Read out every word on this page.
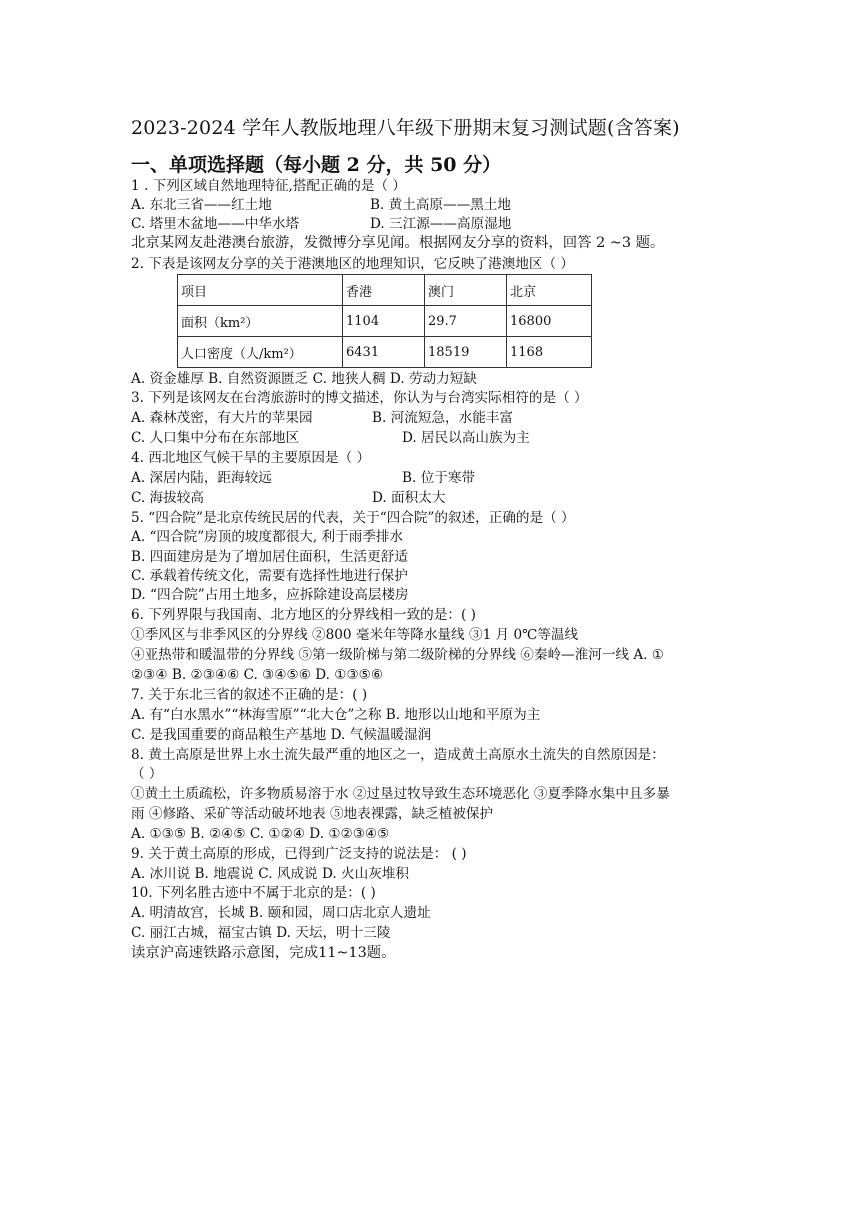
2023-2024 学年人教版地理八年级下册期末复习测试题(含答案)
一、单项选择题（每小题 2 分，共 50 分）
1 . 下列区域自然地理特征,搭配正确的是（ ）
A. 东北三省——红土地	B. 黄土高原——黑土地
C. 塔里木盆地——中华水塔	D. 三江源——高原湿地
北京某网友赴港澳台旅游，发微博分享见闻。根据网友分享的资料，回答 2 ~3 题。
2. 下表是该网友分享的关于港澳地区的地理知识，它反映了港澳地区（ ）
项目	香港	澳门	北京
面积（km²）	1104	29.7	16800
人口密度（人/km²）	6431	18519	1168
A. 资金雄厚 B. 自然资源匮乏 C. 地狭人稠 D. 劳动力短缺
3. 下列是该网友在台湾旅游时的博文描述，你认为与台湾实际相符的是（ ）
A. 森林茂密，有大片的苹果园	B. 河流短急，水能丰富
C. 人口集中分布在东部地区	D. 居民以高山族为主
4. 西北地区气候干旱的主要原因是（ ）
A. 深居内陆，距海较远	B. 位于寒带
C. 海拔较高	D. 面积太大
5. “四合院”是北京传统民居的代表，关于“四合院”的叙述，正确的是（ ）
A. “四合院”房顶的坡度都很大, 利于雨季排水
B. 四面建房是为了增加居住面积，生活更舒适
C. 承载着传统文化，需要有选择性地进行保护
D. “四合院”占用土地多，应拆除建设高层楼房
6. 下列界限与我国南、北方地区的分界线相一致的是：( )
①季风区与非季风区的分界线 ②800 毫米年等降水量线 ③1 月 0℃等温线
④亚热带和暖温带的分界线 ⑤第一级阶梯与第二级阶梯的分界线 ⑥秦岭—淮河一线 A. ①
②③④ B. ②③④⑥ C. ③④⑤⑥ D. ①③⑤⑥
7. 关于东北三省的叙述不正确的是：( )
A. 有“白水黑水”“林海雪原”“北大仓”之称 B. 地形以山地和平原为主
C. 是我国重要的商品粮生产基地 D. 气候温暖湿润
8. 黄土高原是世界上水土流失最严重的地区之一，造成黄土高原水土流失的自然原因是：
（ ）
①黄土土质疏松，许多物质易溶于水 ②过垦过牧导致生态环境恶化 ③夏季降水集中且多暴
雨 ④修路、采矿等活动破坏地表 ⑤地表裸露，缺乏植被保护
A. ①③⑤ B. ②④⑤ C. ①②④ D. ①②③④⑤
9. 关于黄土高原的形成，已得到广泛支持的说法是： ( )
A. 冰川说 B. 地震说 C. 风成说 D. 火山灰堆积
10. 下列名胜古迹中不属于北京的是：( )
A. 明清故宫，长城 B. 颐和园，周口店北京人遗址
C. 丽江古城，福宝古镇 D. 天坛，明十三陵
读京沪高速铁路示意图，完成11~13题。
